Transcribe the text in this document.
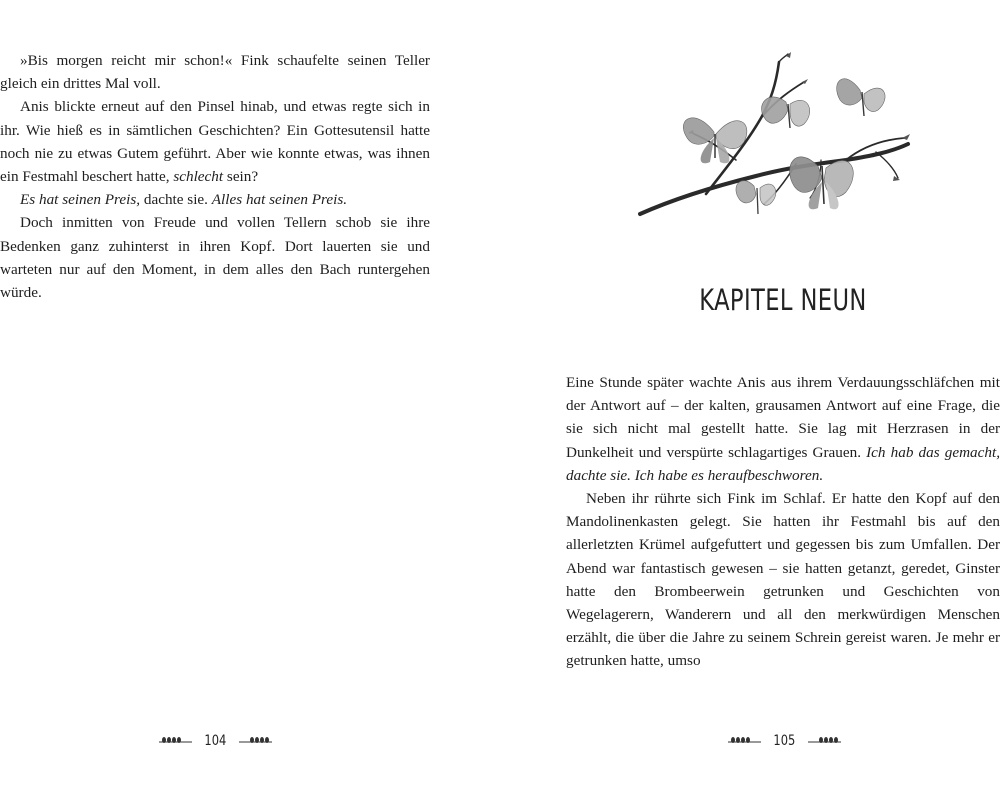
»Bis morgen reicht mir schon!« Fink schaufelte seinen Teller gleich ein drittes Mal voll.

Anis blickte erneut auf den Pinsel hinab, und etwas regte sich in ihr. Wie hieß es in sämtlichen Geschichten? Ein Gottesutensil hatte noch nie zu etwas Gutem geführt. Aber wie konnte etwas, was ihnen ein Festmahl beschert hatte, schlecht sein?

Es hat seinen Preis, dachte sie. Alles hat seinen Preis.

Doch inmitten von Freude und vollen Tellern schob sie ihre Bedenken ganz zuhinterst in ihren Kopf. Dort lauerten sie und warteten nur auf den Moment, in dem alles den Bach runtergehen würde.

Eine Stunde später wachte Anis aus ihrem Verdauungsschläfchen mit der Antwort auf – der kalten, grausamen Antwort auf eine Frage, die sie sich nicht mal gestellt hatte. Sie lag mit Herzrasen in der Dunkelheit und verspürte schlagartiges Grauen. Ich hab das gemacht, dachte sie. Ich habe es heraufbeschworen.

Neben ihr rührte sich Fink im Schlaf. Er hatte den Kopf auf den Mandolinenkasten gelegt. Sie hatten ihr Festmahl bis auf den allerletzten Krümel aufgefuttert und gegessen bis zum Umfallen. Der Abend war fantastisch gewesen – sie hatten getanzt, geredet, Ginster hatte den Brombeerwein getrunken und Geschichten von Wegelagerern, Wanderern und all den merkwürdigen Menschen erzählt, die über die Jahre zu seinem Schrein gereist waren. Je mehr er getrunken hatte, umso

KAPITEL NEUN
104	105
